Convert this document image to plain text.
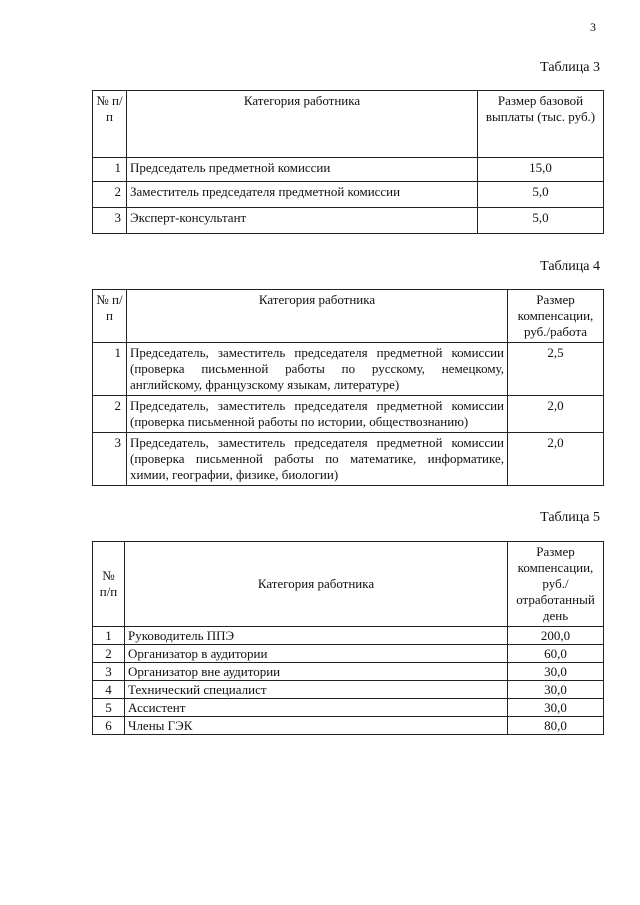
3
Таблица 3
№ п/п	Категория работника	Размер базовой выплаты (тыс. руб.)
1	Председатель предметной комиссии	15,0
2	Заместитель председателя предметной комиссии	5,0
3	Эксперт-консультант	5,0
Таблица 4
№ п/п	Категория работника	Размер компенсации, руб./работа
1	Председатель, заместитель председателя предметной комиссии (проверка письменной работы по русскому, немецкому, английскому, французскому языкам, литературе)	2,5
2	Председатель, заместитель председателя предметной комиссии (проверка письменной работы по истории, обществознанию)	2,0
3	Председатель, заместитель председателя предметной комиссии (проверка письменной работы по математике, информатике, химии, географии, физике, биологии)	2,0
Таблица 5
№ п/п	Категория работника	Размер компенсации, руб./ отработанный день
1	Руководитель ППЭ	200,0
2	Организатор в аудитории	60,0
3	Организатор вне аудитории	30,0
4	Технический специалист	30,0
5	Ассистент	30,0
6	Члены ГЭК	80,0
